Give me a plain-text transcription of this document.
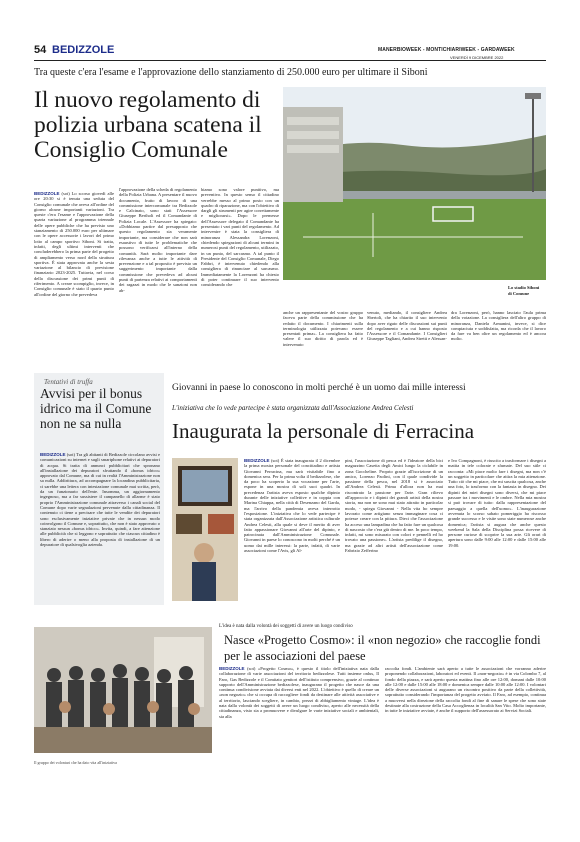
54 BEDIZZOLE	MANERBIOWEEK - MONTICHIARIWEEK - GARDAWEEK
VENERDÌ 9 DICEMBRE 2022
Tra queste c'era l'esame e l'approvazione dello stanziamento di 250.000 euro per ultimare il Siboni
Il nuovo regolamento di polizia urbana scatena il Consiglio Comunale
BEDIZZOLE (sot) Lo scorso giovedì alle ore 20:30 si è tenuta una seduta del Consiglio comunale che aveva all'ordine del giorno alcune importanti variazioni. Tra queste c'era l'esame e l'approvazione della quarta variazione al programma triennale delle opere pubbliche che ha previsto uno stanziamento di 250.000 euro per ultimare con le opere accessorie i lavori del primo lotto al campo sportivo Siboni. Si tratta, infatti, degli ultimi interventi che concluderebbero la prima parte del progetto di ampliamento verso nord della struttura sportiva. È stata approvata anche la sesta variazione al bilancio di previsione finanziario 2023-2025. Tuttavia, nel corso della discussione dei primi punti di riferimento. A creare scompiglio, invece, in Consiglio comunale è stato il quarto punto all'ordine del giorno che prevedeva
l'approvazione della scheda di regolamento della Polizia Urbana. A presentare il nuovo documento, frutto di lavoro di una commissione intercomunale tra Bedizzole e Calcinato, sono stati l'Assessore Giuseppe Bertholi ed il Comandante di Polizia Locale. L'Assessore ha spiegato: «Dobbiamo partire dal presupposto che questo regolamento sia veramente importante, ma considerare che non sarà esaustivo di tutte le problematiche che possono verificarsi all'interno della comunità. Sarà molto importante dare rilevanza anche a tutte le attività di prevenzione e a tal proposito è previsto un suggerimento importante dalla commissione che prevedeva ad alcuni punti di partenza relativi ai comportamenti dei ragazzi in modo che le sanzioni non ab-
biamo sono valore punitivo, ma preventivo. In questo senso il cittadino verrebbe messo al primo posto con un quadro di riparazione, ma con l'obiettivo di dargli gli strumenti per agire correttamente e migliorarsi». Dopo le premesse dell'Assessore delegato il Comandante ha presentato i vari punti del regolamento. Ad intervenire è stata la consigliera di minoranza Alessandra Lorenzoni, chiedendo spiegazioni di alcuni termini in numerosi punti del regolamento, utilizzato, in un punto, del sarcasmo. A tal punto il Presidente del Consiglio Comunale, Diego Fabbri, è intervenuto chiedendo alla consigliera di rinunciare al sarcasmo. Immediatamente la Lorenzoni ha chiesto di poter continuare il suo intervento considerando che
anche un rappresentante del vostro gruppo faceva parte della commissione che ha redatto il documento. I chiarimenti sulla terminologia utilizzata potevano essere presentati prima». La consigliera ha fatto valere il suo diritto di parola ed è intervenuto
venuto, mediando, il consigliere Andrea Sbertoli, che ha chiarito il suo intervento dopo aver rigato delle discussioni sui punti del regolamento e a cui hanno risposto l'Assessore e il Comandante. I Consiglieri Giuseppe Tagliani, Andrea Siretti e Alessan-
dra Lorenzoni, però, hanno lasciato l'aula prima della votazione. La consigliera dell'altro gruppo di minoranza, Daniela Armanini, invece, si dice compiaciuta e soddisfatta, ma ricorda che il lavoro da fare va ben oltre un regolamento ed è ancora molto.
Lo stadio Siboni di Comune
Tentativi di truffa
Avvisi per il bonus idrico ma il Comune non ne sa nulla
BEDIZZOLE (sot) Tra gli abitanti di Bedizzole circolano avvisi e comunicazioni su internet e sugli smartphone relativi ai depuratori di acqua. Si tratta di annunci pubblicitari che spronano all'installazione dei depuratori sfruttando il «bonus idrico» approvato dal Comune, ma di cui in realtà l'Amministrazione non sa nulla. Addirittura, ad accompagnare la locandina pubblicitaria, ci sarebbe una lettera con intestazione comunale mai scritta, però, da un funzionario dell'ente. Insomma, un aggiornamento ingegnoso, ma a far sussistere il campanello di allarme è stato proprio l'Amministrazione comunale attraverso i canali social del Comune dopo varie segnalazioni pervenute dalla cittadinanza. Il contenuto ci tiene a precisare che tutte le vendite dei depuratori sono esclusivamente iniziative private che in nessun modo coinvolgono il Comune e, soprattutto, che non è stato approvato o stanziato nessun «bonus idrico». Invita, quindi, a fare attenzione alle pubblicità che si leggono e soprattutto che ciascun cittadino è libero di aderire o meno alla proposta di installazione di un depuratore di qualsivoglia azienda.
Giovanni in paese lo conoscono in molti perché è un uomo dai mille interessi
L'iniziativa che lo vede partecipe è stata organizzata dall'Associazione Andrea Celesti
Inaugurata la personale di Ferracina
BEDIZZOLE (sot) È stata inaugurata il 2 dicembre la prima mostra personale del concittadino e artista Giovanni Ferracina, ma sarà visitabile fino a domenica sera. Per la prima volta il bedizzolese, che da poco ha scoperto la sua vocazione per l'arte, espone in una mostra di soli suoi quadri. In precedenza l'artista aveva esposto qualche dipinto durante delle iniziative collettive e in coppia con Marina Chiappa, nella città di Desenzano del Garda, ma l'arrivo della pandemia aveva interrotto l'esposizione. L'iniziativa che lo vede partecipe è stata organizzata dall'Associazione artistica culturale Andrea Celesti, alla quale si deve il merito di aver fatto appassionare Giovanni all'arte del dipinto, e patrocinata dall'Amministrazione Comunale. Giovanni in paese lo conoscono in molti perché è un uomo dai mille interessi: la parte, infatti, di varie associazioni come l'Avis, gli Al-
pini, l'associazione di pesca ed è l'ideatore della bici magazzino Casetta degli Amici lungo la ciclabile in zona Goccheline. Proprio grazie all'iscrizione di un amico, Lorenzo Paolini, con il quale condivide la passione della pesca, nel 2018 si è associato all'Andrea Celesti. Prima d'allora non ha mai riscontrato la passione per l'arte. Gran rilievo all'approccio e i dipinti dei grandi artisti della nostra storia, ma non ne sono mai stato attratto in particolar modo, - spiega Giovanni - Nella vita ho sempre lavorato come artigiano senza immaginare cosa ci potesse creare con la pittura. Dieci che l'associazione ha acceso una lampadina che ha fatto fare un qualcosa di nascosto che c'era già dentro di me. In poco tempo, infatti, mi sono misurato con colori e pennelli ed ho trovato una passione». L'artista predilige il disegno, ma grazie ad altri artisti dell'associazione come Fabrizio Zefferino
e Ivo Compagnoni, è riuscito a trasformare i disegni a matita in tele colorate e sfumate. Del suo stile ci racconta: «Mi piace molto fare i disegni, ma non c'è un soggetto in particolare che attira la mia attenzione. Tutto ciò che mi piace, che mi suscita qualcosa, anche una foto, lo trasformo con la fantasia in disegno. Dei dipinti dei miei disegni sono diversi, che mi piace passare tra i movimenti e le ombre. Nella mia mostra si può trovare di tutto: dalla rappresentazione del paesaggio a quella dell'uomo». L'inaugurazione avvenuta lo scorso sabato pomeriggio ha riscosso grande successo e le visite sono state numerose anche domenica; l'artista si augura che anche questo weekend la Sala della Disciplina possa ricevere di persone curiose di scoprire la sua arte. Gli orari di apertura sono dalle 9:00 alle 12:00 e dalle 15:00 alle 19:00.
L'idea è nata dalla volontà dei soggetti di avere un luogo condiviso
Nasce «Progetto Cosmo»: il «non negozio» che raccoglie fondi per le associazioni del paese
Il gruppo dei volontari che ha dato vita all'iniziativa
BEDIZZOLE (sot) «Progetto Cosmo», è questo il titolo dell'iniziativa nata dalla collaborazione di varie associazioni del territorio bedizzolese. Tutti insieme onlus, Il Faro, Gas Bedizzole e il Comitato genitori dell'istituto comprensivo, grazie al continuo supporto dell'Amministrazione bedizzolese, inaugurano il progetto che nasce da una continua condivisione avviata dai diversi enti nel 2022. L'obiettivo è quello di creare un «non negozio» che si occupa di raccogliere fondi da destinare alle attività associative e al territorio, lasciando scegliere, in cambio, prezzi di abbigliamento vintage. L'idea è nata dalla volontà dei soggetti di avere un luogo condiviso, aperto alle necessità della cittadinanza, visto sia a promuovere e divulgare le varie iniziative sociali e ambientali, sia alla
raccolta fondi. L'ambiente sarà aperto a tutte le associazioni che vorranno aderire proponendo collaborazioni, laboratori ed eventi. Il «non-negozio» è in via Colombo 7, al fondo della piazza, e sarà aperto questa mattina fino alle ore 12:00, domani dalle 10:00 alle 12:00 e dalle 15:00 alle 18:00 e domenica sempre dalle 10:00 alle 12:00. I volontari delle diverse associazioni si augurano un riscontro positivo da parte della collettività, soprattutto considerando l'importanza del progetto avviato. Il Faro, ad esempio, continua a muoversi nella direzione della raccolta fondi al fine di sanare le spese che sono state destinate alla costruzione della Casa Accoglienza in località San Vito. Molto importante, in tutte le iniziative avviate, è anche il supporto dell'assessorato ai Servizi Sociali.
